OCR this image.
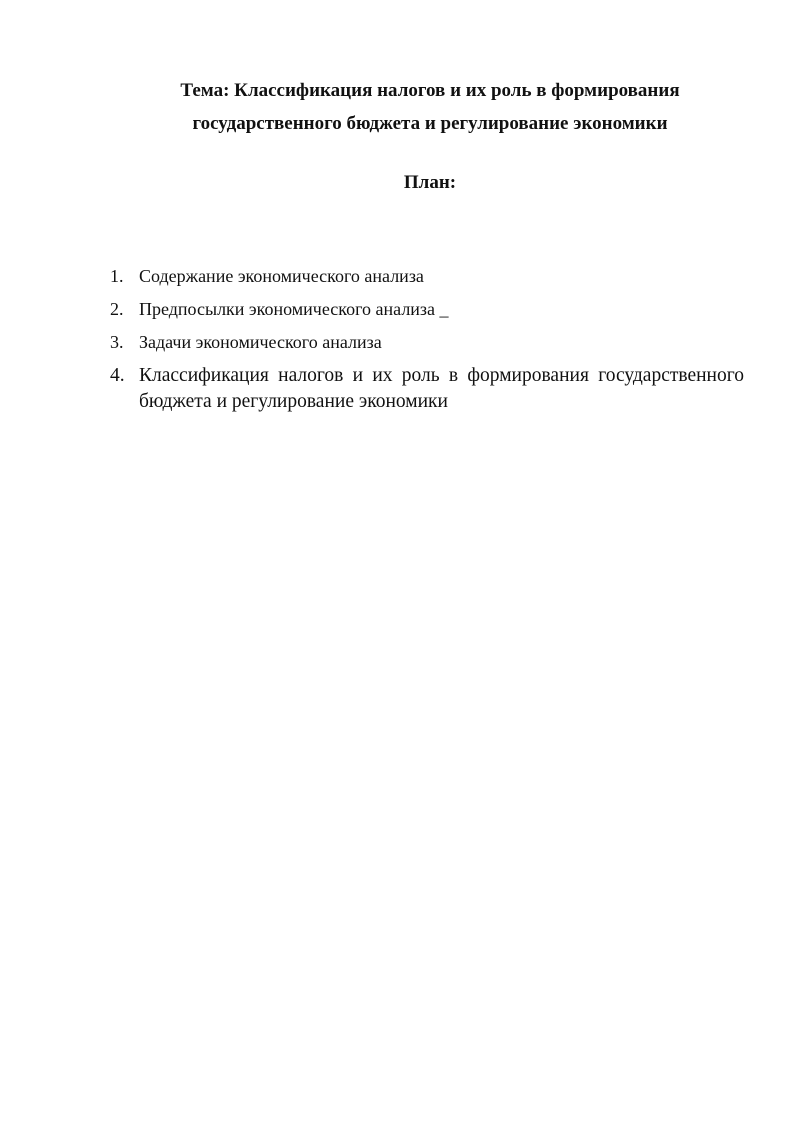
Тема: Классификация налогов и их роль в формирования
государственного бюджета и регулирование экономики
План:
1. Содержание экономического анализа
2. Предпосылки экономического анализа _
3. Задачи экономического анализа
4. Классификация налогов и их роль в формирования государственного бюджета и регулирование экономики
